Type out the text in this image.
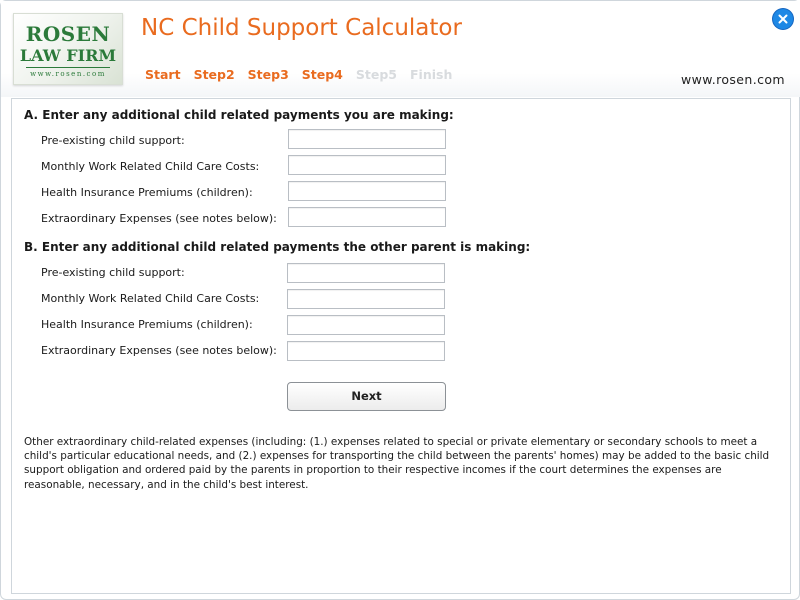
ROSEN
LAW FIRM
www.rosen.com
NC Child Support Calculator
Start Step2 Step3 Step4 Step5 Finish	www.rosen.com
A. Enter any additional child related payments you are making:
Pre-existing child support:
Monthly Work Related Child Care Costs:
Health Insurance Premiums (children):
Extraordinary Expenses (see notes below):
B. Enter any additional child related payments the other parent is making:
Pre-existing child support:
Monthly Work Related Child Care Costs:
Health Insurance Premiums (children):
Extraordinary Expenses (see notes below):
Next
Other extraordinary child-related expenses (including: (1.) expenses related to special or private elementary or secondary schools to meet a child's particular educational needs, and (2.) expenses for transporting the child between the parents' homes) may be added to the basic child support obligation and ordered paid by the parents in proportion to their respective incomes if the court determines the expenses are reasonable, necessary, and in the child's best interest.
